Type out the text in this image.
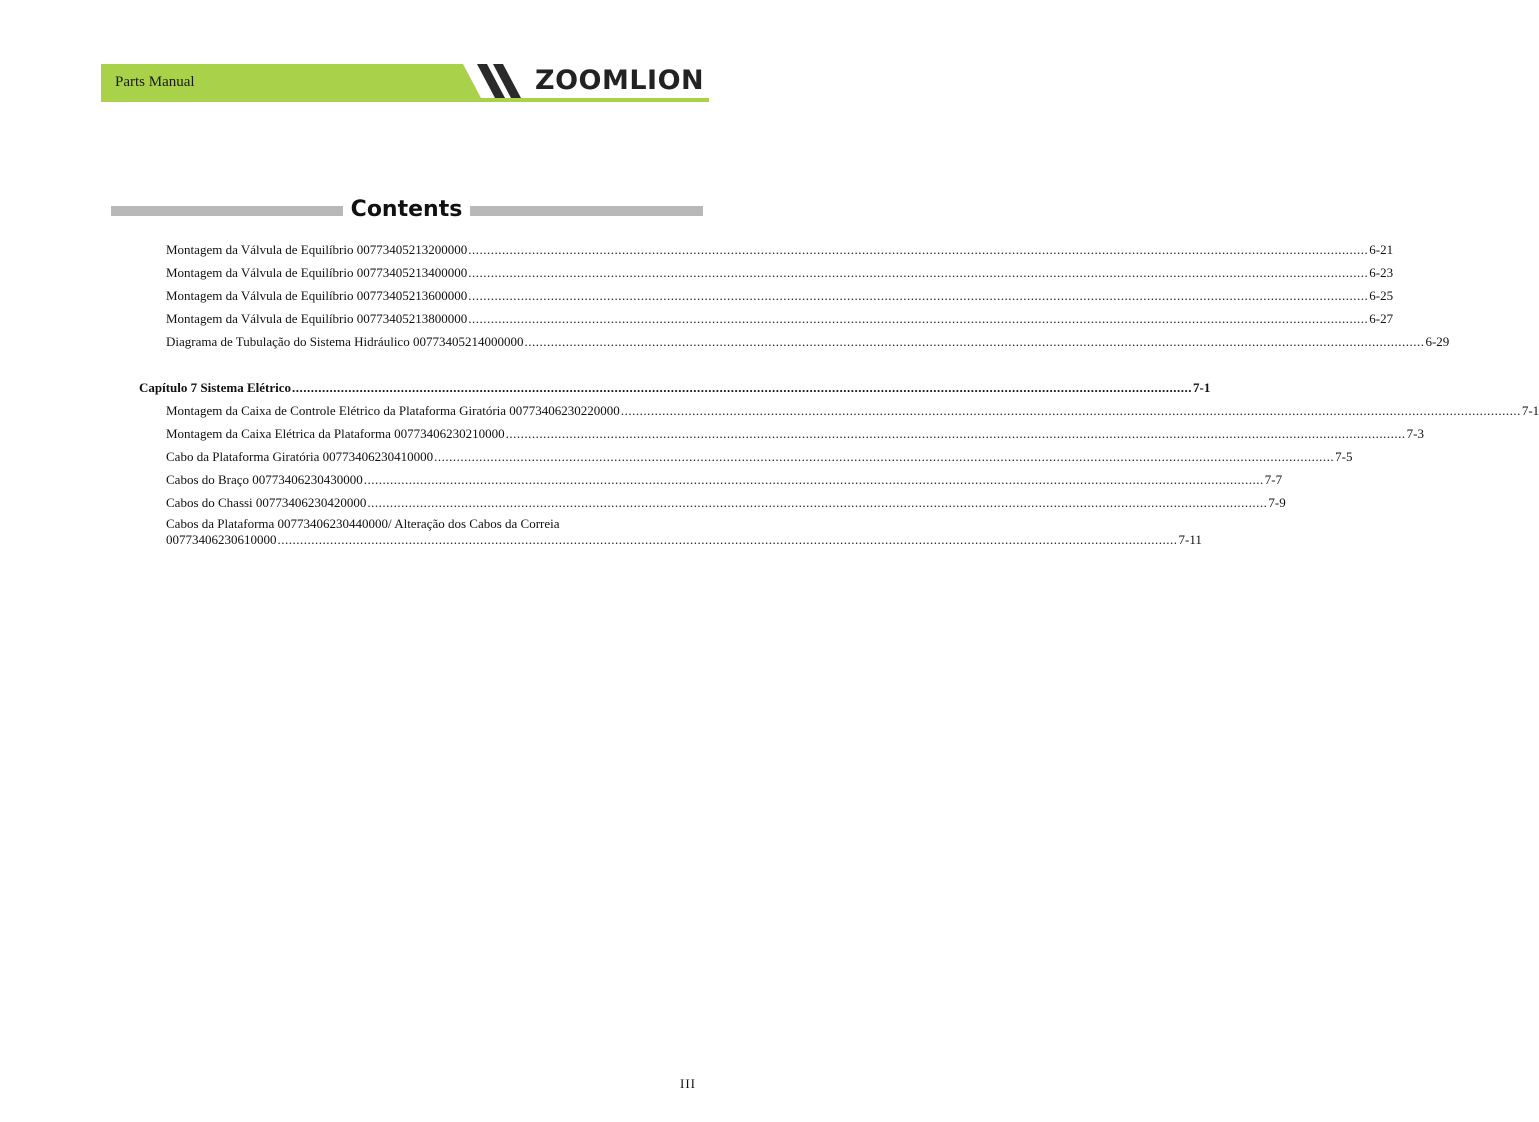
Parts Manual	ZOOMLION
Contents
Montagem da Válvula de Equilíbrio 00773405213200000 ................................................................................................................................................................................................................................................ 6-21
Montagem da Válvula de Equilíbrio 00773405213400000 ................................................................................................................................................................................................................................................ 6-23
Montagem da Válvula de Equilíbrio 00773405213600000 ................................................................................................................................................................................................................................................ 6-25
Montagem da Válvula de Equilíbrio 00773405213800000 ................................................................................................................................................................................................................................................ 6-27
Diagrama de Tubulação do Sistema Hidráulico 00773405214000000 ................................................................................................................................................................................................................................................ 6-29
Capítulo 7 Sistema Elétrico ................................................................................................................................................................................................................................................ 7-1
Montagem da Caixa de Controle Elétrico da Plataforma Giratória 00773406230220000 ................................................................................................................................................................................................................................................ 7-1
Montagem da Caixa Elétrica da Plataforma 00773406230210000 ................................................................................................................................................................................................................................................ 7-3
Cabo da Plataforma Giratória 00773406230410000 ................................................................................................................................................................................................................................................ 7-5
Cabos do Braço 00773406230430000 ................................................................................................................................................................................................................................................ 7-7
Cabos do Chassi 00773406230420000 ................................................................................................................................................................................................................................................ 7-9
Cabos da Plataforma 00773406230440000/ Alteração dos Cabos da Correia
00773406230610000 ................................................................................................................................................................................................................................................ 7-11
III
